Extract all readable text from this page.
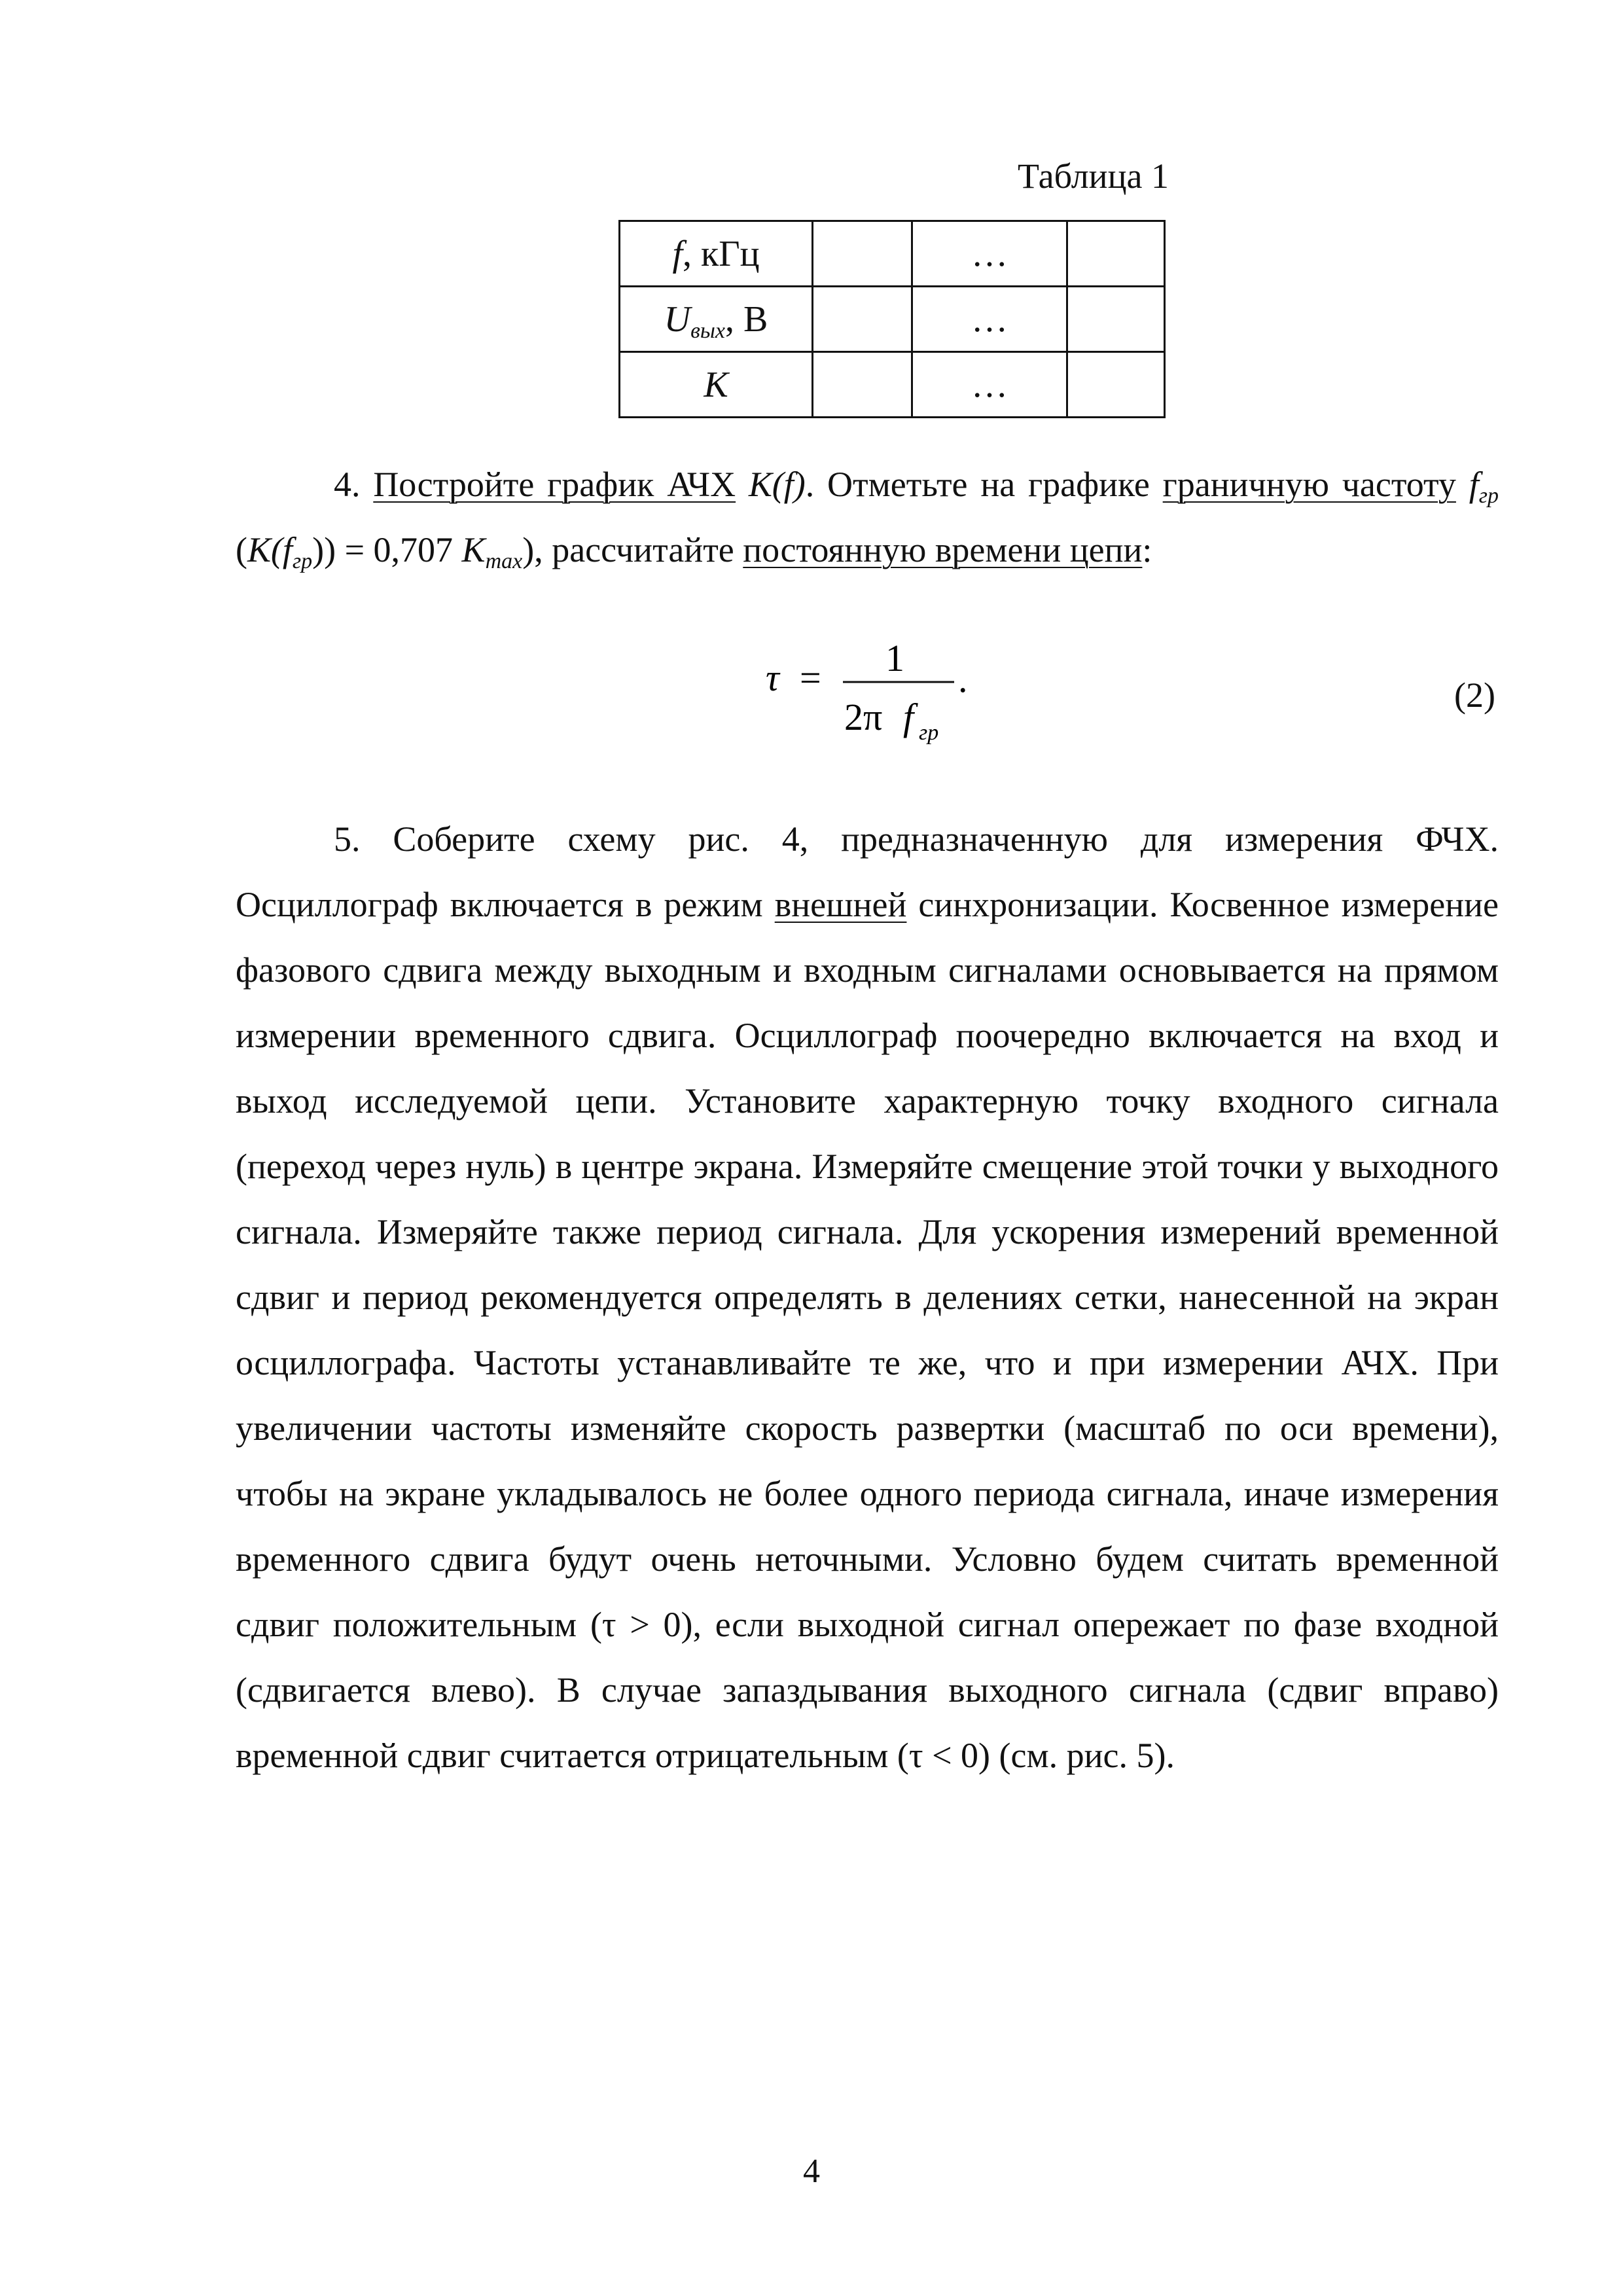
Таблица 1
f, кГц		…	
$U_{вых}$, В		…	
К		…	

4. Постройте график АЧХ К(f). Отметьте на графике граничную частоту $f_{гр}$ $(К(f_{гр})) = 0,707$ $K_{max}$), рассчитайте постоянную времени цепи:

τ = 1
2π f гр
.	(2)

5. Соберите схему рис. 4, предназначенную для измерения ФЧХ. Осциллограф включается в режим внешней синхронизации. Косвенное измерение фазового сдвига между выходным и входным сигналами основывается на прямом измерении временного сдвига. Осциллограф поочередно включается на вход и выход исследуемой цепи. Установите характерную точку входного сигнала (переход через нуль) в центре экрана. Измеряйте смещение этой точки у выходного сигнала. Измеряйте также период сигнала. Для ускорения измерений временной сдвиг и период рекомендуется определять в делениях сетки, нанесенной на экран осциллографа. Частоты устанавливайте те же, что и при измерении АЧХ. При увеличении частоты изменяйте скорость развертки (масштаб по оси времени), чтобы на экране укладывалось не более одного периода сигнала, иначе измерения временного сдвига будут очень неточными. Условно будем считать временной сдвиг положительным (τ > 0), если выходной сигнал опережает по фазе входной (сдвигается влево). В случае запаздывания выходного сигнала (сдвиг вправо) временной сдвиг считается отрицательным (τ < 0) (см. рис. 5).

4
